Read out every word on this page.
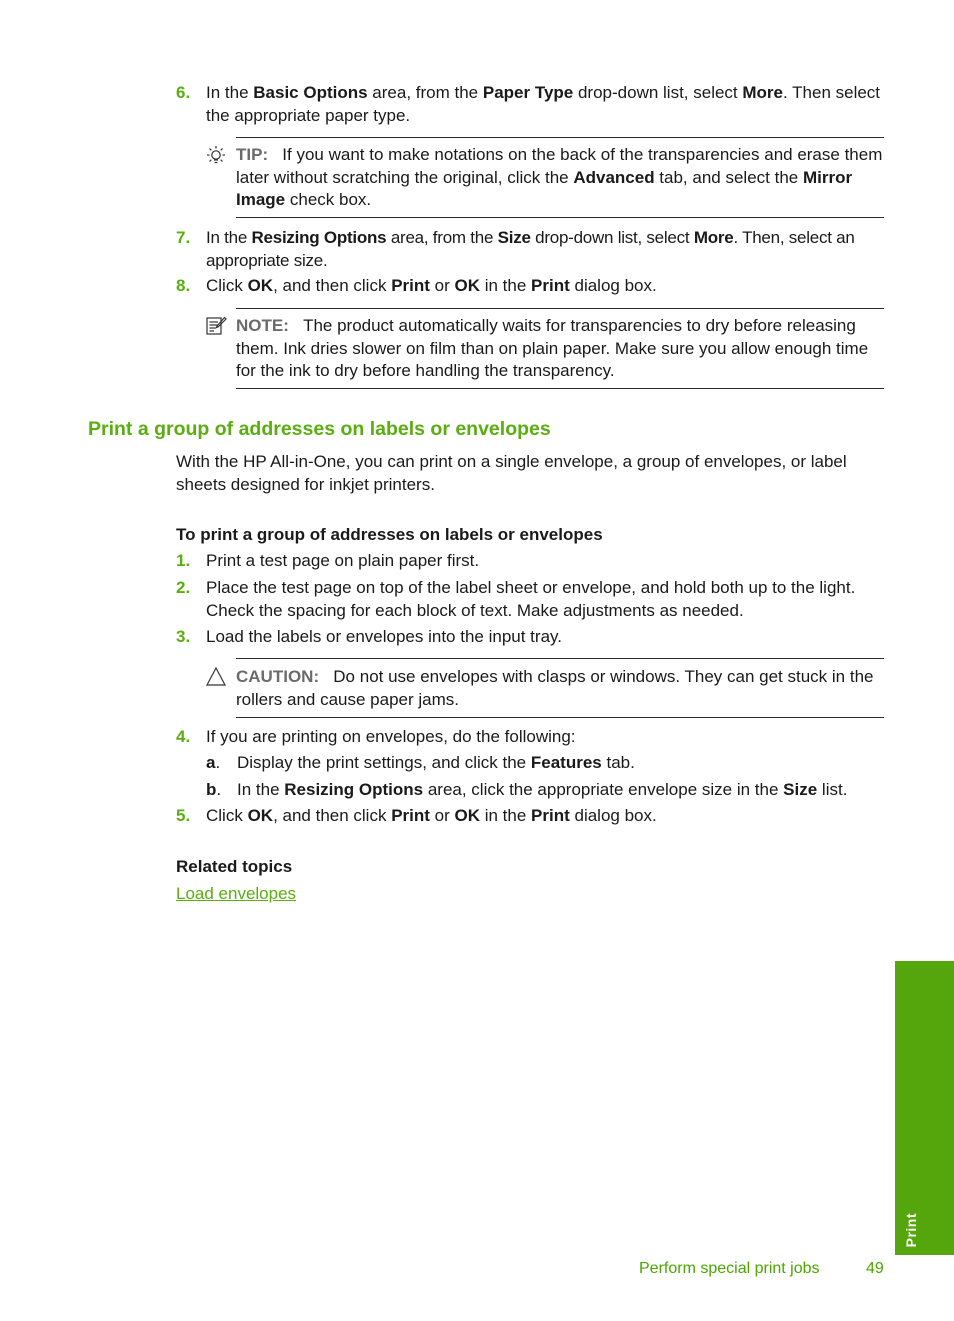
6. In the Basic Options area, from the Paper Type drop-down list, select More. Then select the appropriate paper type.
TIP: If you want to make notations on the back of the transparencies and erase them later without scratching the original, click the Advanced tab, and select the Mirror Image check box.
7. In the Resizing Options area, from the Size drop-down list, select More. Then, select an appropriate size.
8. Click OK, and then click Print or OK in the Print dialog box.
NOTE: The product automatically waits for transparencies to dry before releasing them. Ink dries slower on film than on plain paper. Make sure you allow enough time for the ink to dry before handling the transparency.
Print a group of addresses on labels or envelopes
With the HP All-in-One, you can print on a single envelope, a group of envelopes, or label sheets designed for inkjet printers.
To print a group of addresses on labels or envelopes
1. Print a test page on plain paper first.
2. Place the test page on top of the label sheet or envelope, and hold both up to the light. Check the spacing for each block of text. Make adjustments as needed.
3. Load the labels or envelopes into the input tray.
CAUTION: Do not use envelopes with clasps or windows. They can get stuck in the rollers and cause paper jams.
4. If you are printing on envelopes, do the following:
a. Display the print settings, and click the Features tab.
b. In the Resizing Options area, click the appropriate envelope size in the Size list.
5. Click OK, and then click Print or OK in the Print dialog box.
Related topics
Load envelopes
Print
Perform special print jobs	49
